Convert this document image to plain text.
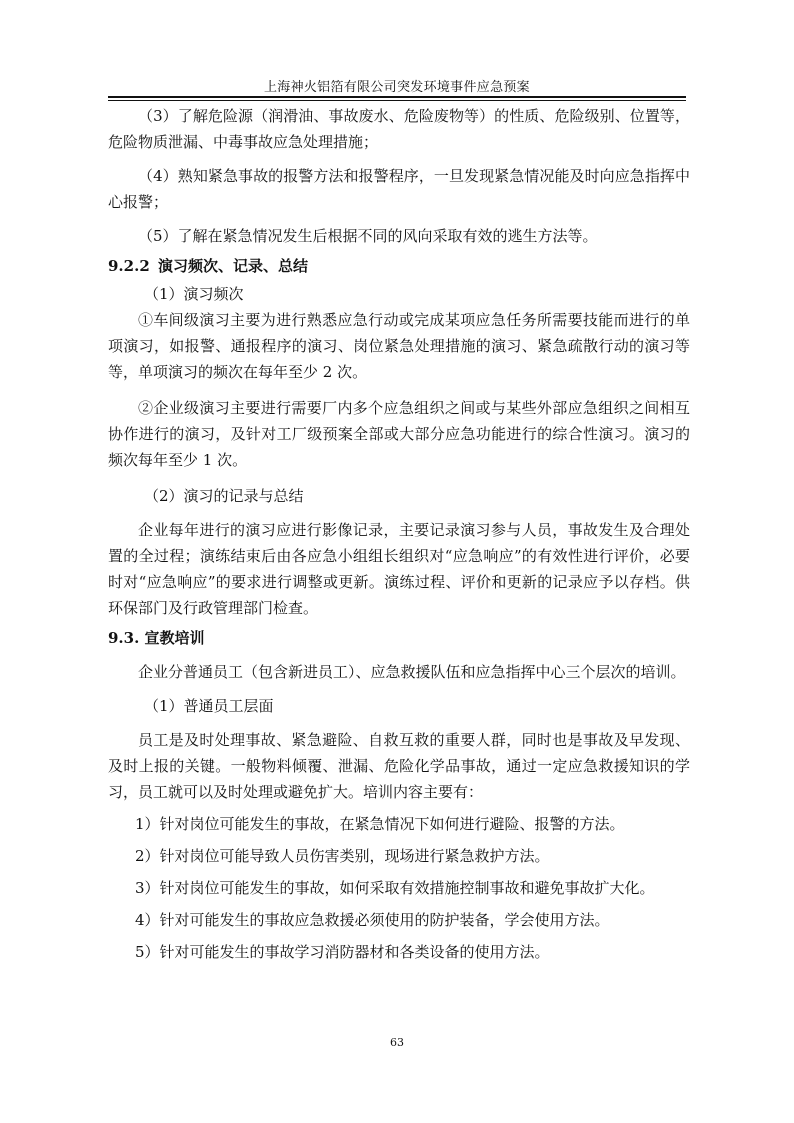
上海神火铝箔有限公司突发环境事件应急预案

（3）了解危险源（润滑油、事故废水、危险废物等）的性质、危险级别、位置等，危险物质泄漏、中毒事故应急处理措施；

（4）熟知紧急事故的报警方法和报警程序，一旦发现紧急情况能及时向应急指挥中心报警；

（5）了解在紧急情况发生后根据不同的风向采取有效的逃生方法等。

9.2.2 演习频次、记录、总结

（1）演习频次

①车间级演习主要为进行熟悉应急行动或完成某项应急任务所需要技能而进行的单项演习，如报警、通报程序的演习、岗位紧急处理措施的演习、紧急疏散行动的演习等等，单项演习的频次在每年至少 2 次。

②企业级演习主要进行需要厂内多个应急组织之间或与某些外部应急组织之间相互协作进行的演习，及针对工厂级预案全部或大部分应急功能进行的综合性演习。演习的频次每年至少 1 次。

（2）演习的记录与总结

企业每年进行的演习应进行影像记录，主要记录演习参与人员，事故发生及合理处置的全过程；演练结束后由各应急小组组长组织对“应急响应”的有效性进行评价，必要时对“应急响应”的要求进行调整或更新。演练过程、评价和更新的记录应予以存档。供环保部门及行政管理部门检查。

9.3. 宣教培训

企业分普通员工（包含新进员工）、应急救援队伍和应急指挥中心三个层次的培训。

（1）普通员工层面

员工是及时处理事故、紧急避险、自救互救的重要人群，同时也是事故及早发现、及时上报的关键。一般物料倾覆、泄漏、危险化学品事故，通过一定应急救援知识的学习，员工就可以及时处理或避免扩大。培训内容主要有：

1）针对岗位可能发生的事故，在紧急情况下如何进行避险、报警的方法。

2）针对岗位可能导致人员伤害类别，现场进行紧急救护方法。

3）针对岗位可能发生的事故，如何采取有效措施控制事故和避免事故扩大化。

4）针对可能发生的事故应急救援必须使用的防护装备，学会使用方法。

5）针对可能发生的事故学习消防器材和各类设备的使用方法。

63
